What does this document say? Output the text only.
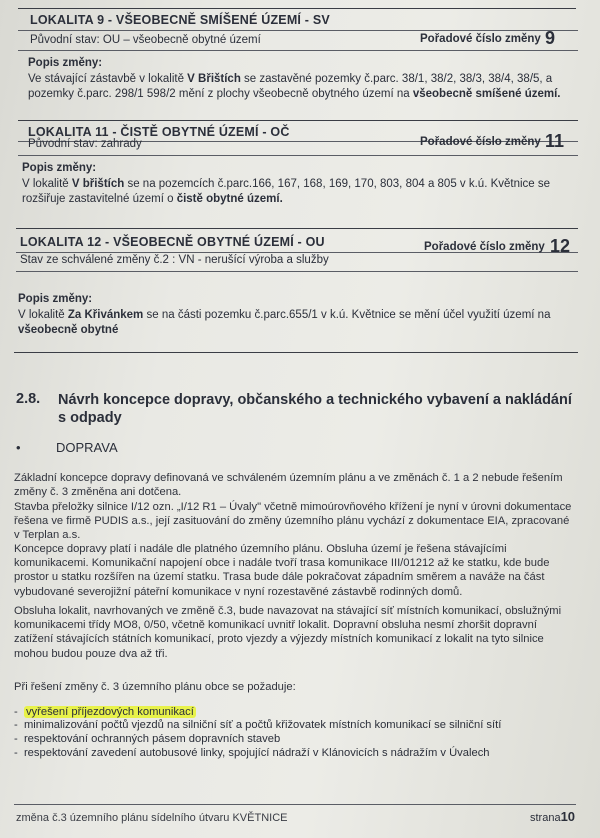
LOKALITA 9 - VŠEOBECNĚ SMÍŠENÉ ÚZEMÍ - SV
Původní stav: OU – všeobecně obytné území	Pořadové číslo změny 9
Popis změny:
Ve stávající zástavbě v lokalitě V Břištích se zastavěné pozemky č.parc. 38/1, 38/2, 38/3, 38/4, 38/5, a pozemky č.parc. 298/1 598/2 mění z plochy všeobecně obytného území na všeobecně smíšené území.
LOKALITA 11 - ČISTĚ OBYTNÉ ÚZEMÍ - OČ
Původní stav: zahrady	Pořadové číslo změny 11
Popis změny:
V lokalitě V břištích se na pozemcích č.parc.166, 167, 168, 169, 170, 803, 804 a 805 v k.ú. Květnice se rozšiřuje zastavitelné území o čistě obytné území.
LOKALITA 12 - VŠEOBECNĚ OBYTNÉ ÚZEMÍ - OU
Stav ze schválené změny č.2 : VN - nerušící výroba a služby
Pořadové číslo změny 12
Popis změny:
V lokalitě Za Křivánkem se na části pozemku č.parc.655/1 v k.ú. Květnice se mění účel využití území na všeobecně obytné
2.8. Návrh koncepce dopravy, občanského a technického vybavení a nakládání s odpady
•	DOPRAVA
Základní koncepce dopravy definovaná ve schváleném územním plánu a ve změnách č. 1 a 2 nebude řešením změny č. 3 změněna ani dotčena.
Stavba přeložky silnice I/12 ozn. „I/12 R1 – Úvaly" včetně mimoúrovňového křížení je nyní v úrovni dokumentace řešena ve firmě PUDIS a.s., její zasituování do změny územního plánu vychází z dokumentace EIA, zpracované v Terplan a.s.
Koncepce dopravy platí i nadále dle platného územního plánu. Obsluha území je řešena stávajícími komunikacemi. Komunikační napojení obce i nadále tvoří trasa komunikace III/01212 až ke statku, kde bude prostor u statku rozšířen na území statku. Trasa bude dále pokračovat západním směrem a naváže na část vybudované severojižní páteřní komunikace v nyní rozestavěné zástavbě rodinných domů.
Obsluha lokalit, navrhovaných ve změně č.3, bude navazovat na stávající síť místních komunikací, obslužnými komunikacemi třídy MO8, 0/50, včetně komunikací uvnitř lokalit. Dopravní obsluha nesmí zhoršit dopravní zatížení stávajících státních komunikací, proto vjezdy a výjezdy místních komunikací z lokalit na tyto silnice mohou budou pouze dva až tři.
Při řešení změny č. 3 územního plánu obce se požaduje:
- vyřešení příjezdových komunikací
- minimalizování počtů vjezdů na silniční síť a počtů křižovatek místních komunikací se silniční sítí
- respektování ochranných pásem dopravních staveb
- respektování zavedení autobusové linky, spojující nádraží v Klánovicích s nádražím v Úvalech
změna č.3 územního plánu sídelního útvaru KVĚTNICE	strana10
